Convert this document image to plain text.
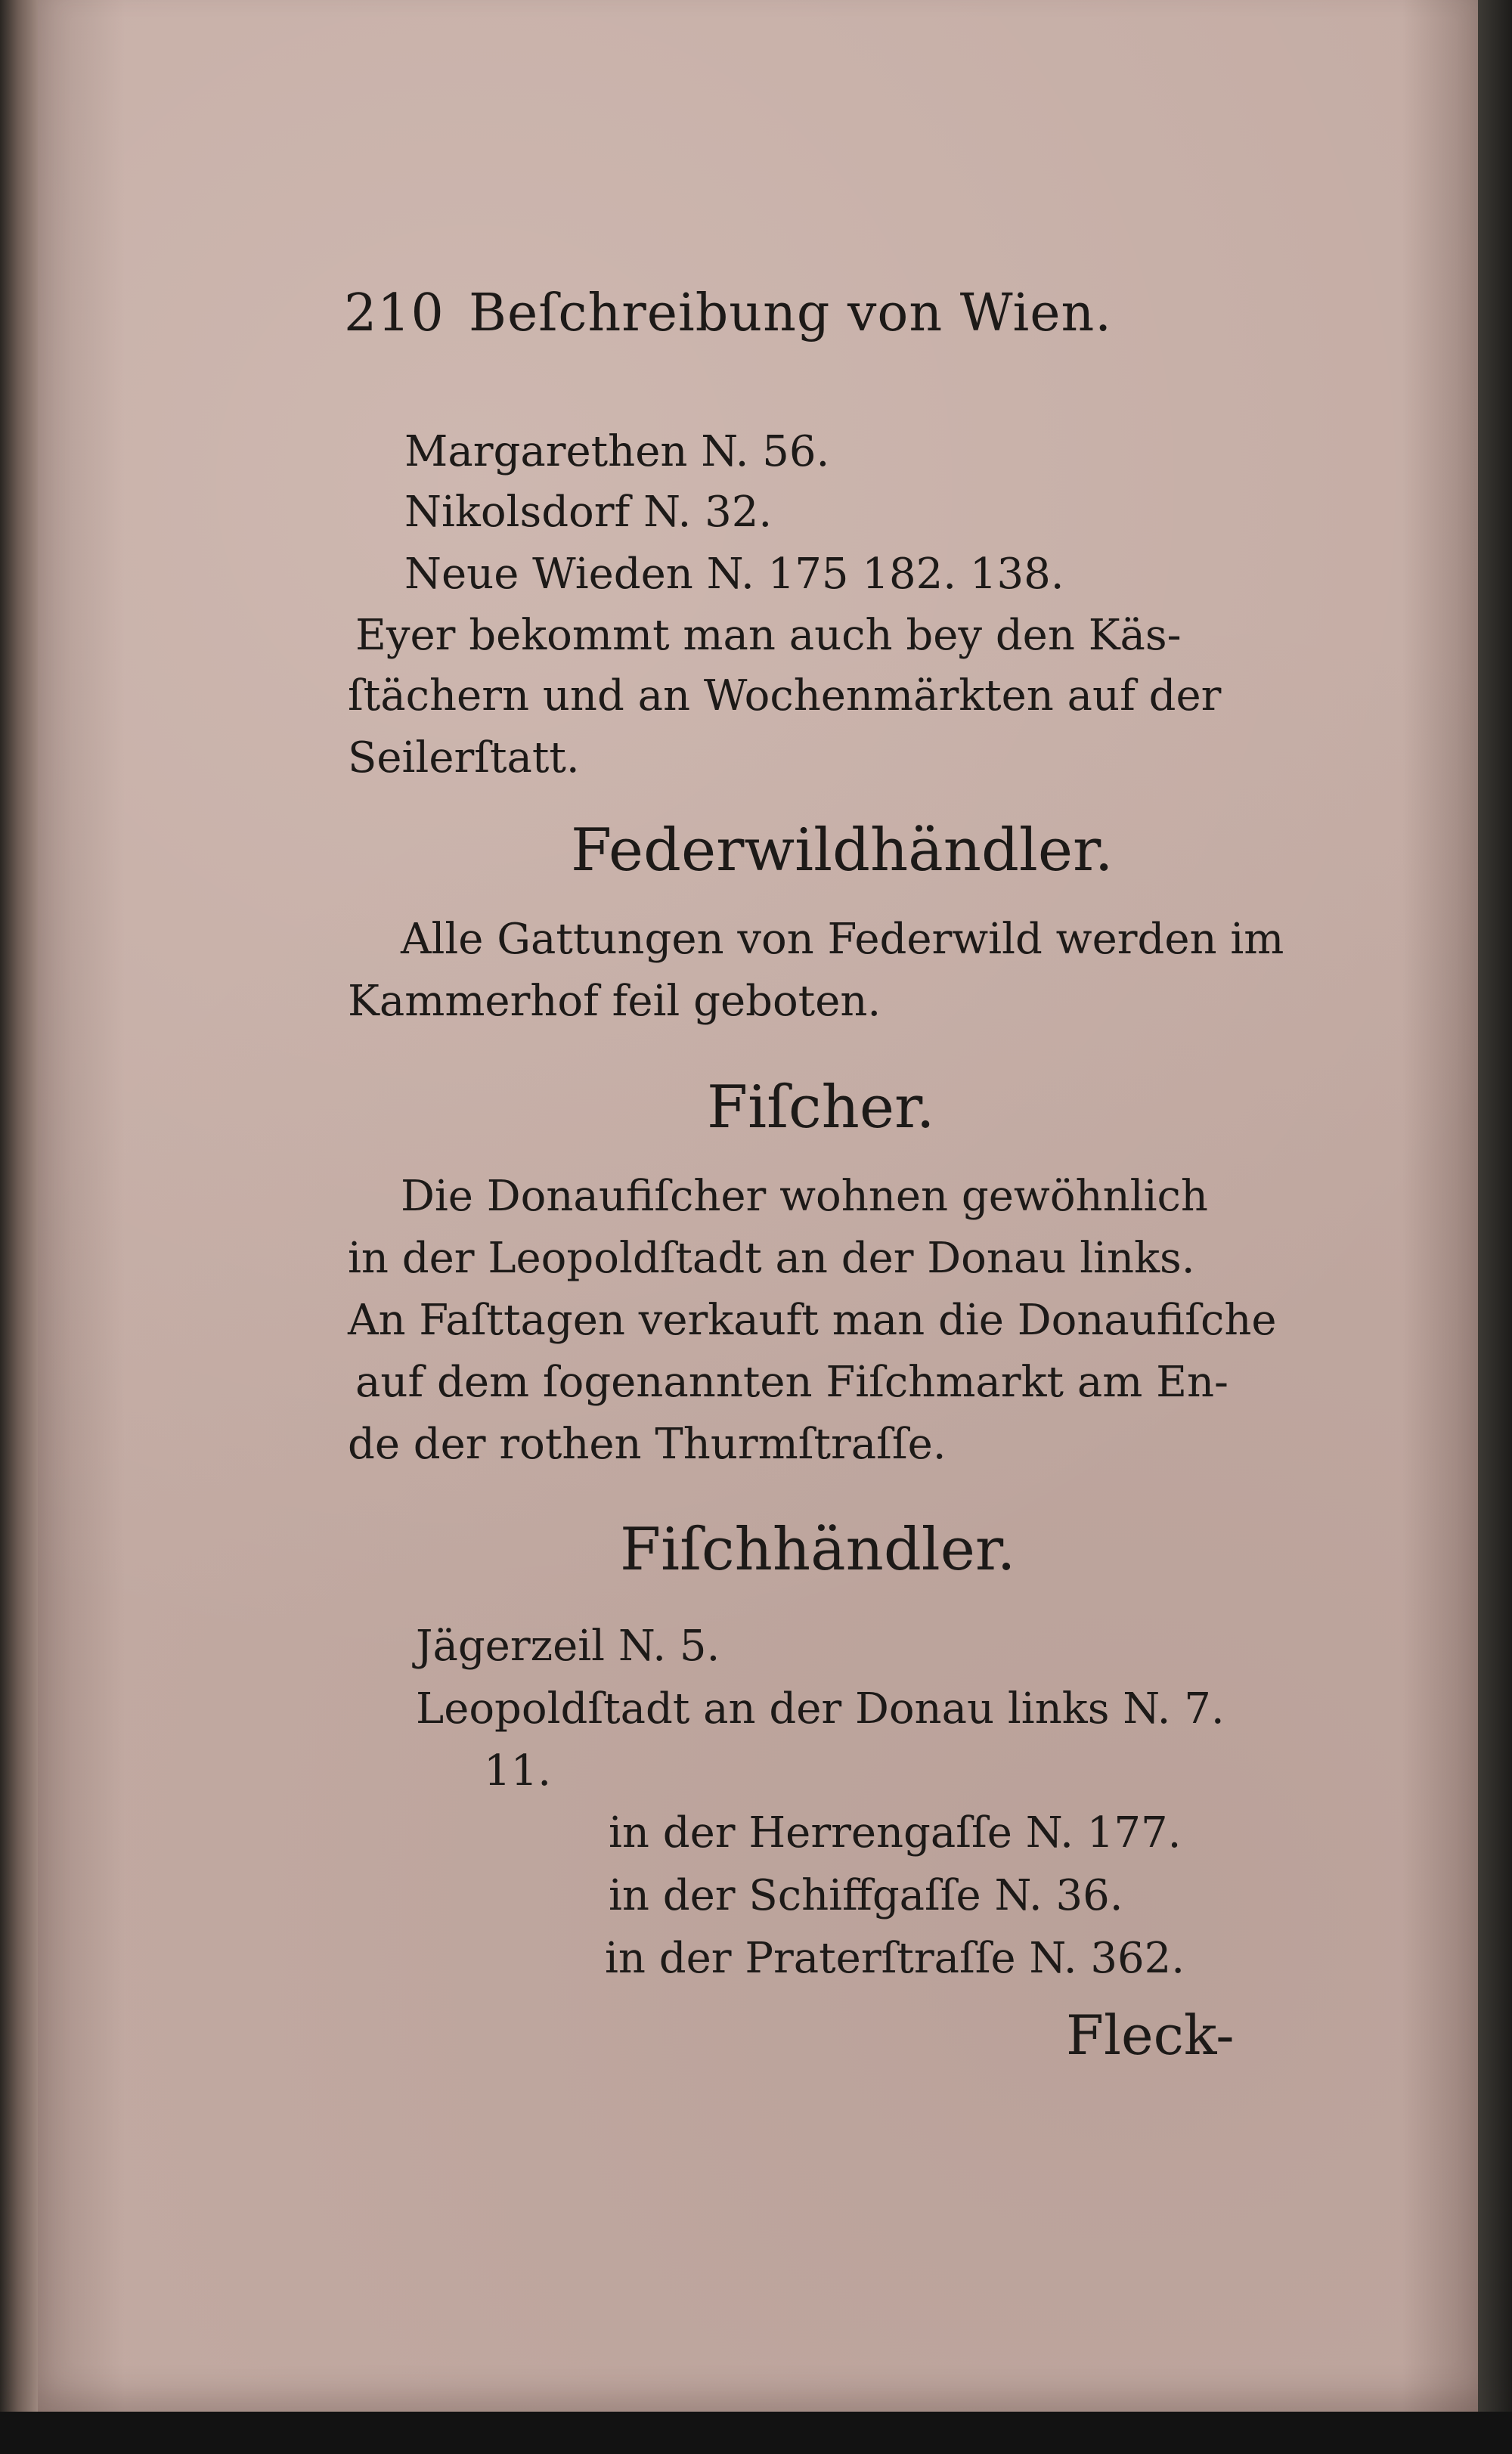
210 Beſchreibung von Wien.
Margarethen N. 56.
Nikolsdorf N. 32.
Neue Wieden N. 175 182. 138.
Eyer bekommt man auch bey den Käs-
ſtächern und an Wochenmärkten auf der
Seilerſtatt.
Federwildhändler.
Alle Gattungen von Federwild werden im
Kammerhof feil geboten.
Fiſcher.
Die Donaufiſcher wohnen gewöhnlich
in der Leopoldſtadt an der Donau links.
An Faſttagen verkauft man die Donaufiſche
auf dem ſogenannten Fiſchmarkt am En-
de der rothen Thurmſtraſſe.
Fiſchhändler.
Jägerzeil N. 5.
Leopoldſtadt an der Donau links N. 7.
11.
in der Herrengaſſe N. 177.
in der Schiffgaſſe N. 36.
in der Praterſtraſſe N. 362.
Fleck-
